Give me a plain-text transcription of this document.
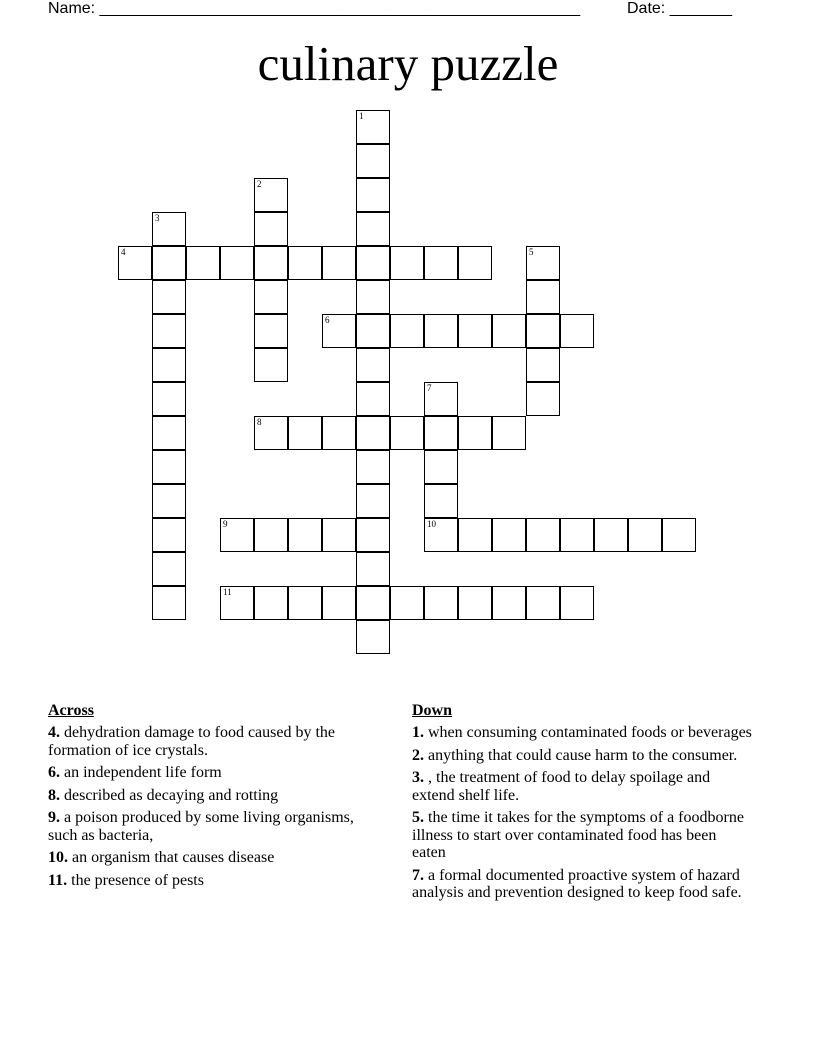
Name: ______________________________________________________	Date: _______
culinary puzzle
1
2
3
4	5
6
7
10
8
9
11
Across
4. dehydration damage to food caused by the formation of ice crystals.
6. an independent life form
8. described as decaying and rotting
9. a poison produced by some living organisms, such as bacteria,
10. an organism that causes disease
11. the presence of pests
Down
1. when consuming contaminated foods or beverages
2. anything that could cause harm to the consumer.
3. , the treatment of food to delay spoilage and extend shelf life.
5. the time it takes for the symptoms of a foodborne illness to start over contaminated food has been eaten
7. a formal documented proactive system of hazard analysis and prevention designed to keep food safe.
